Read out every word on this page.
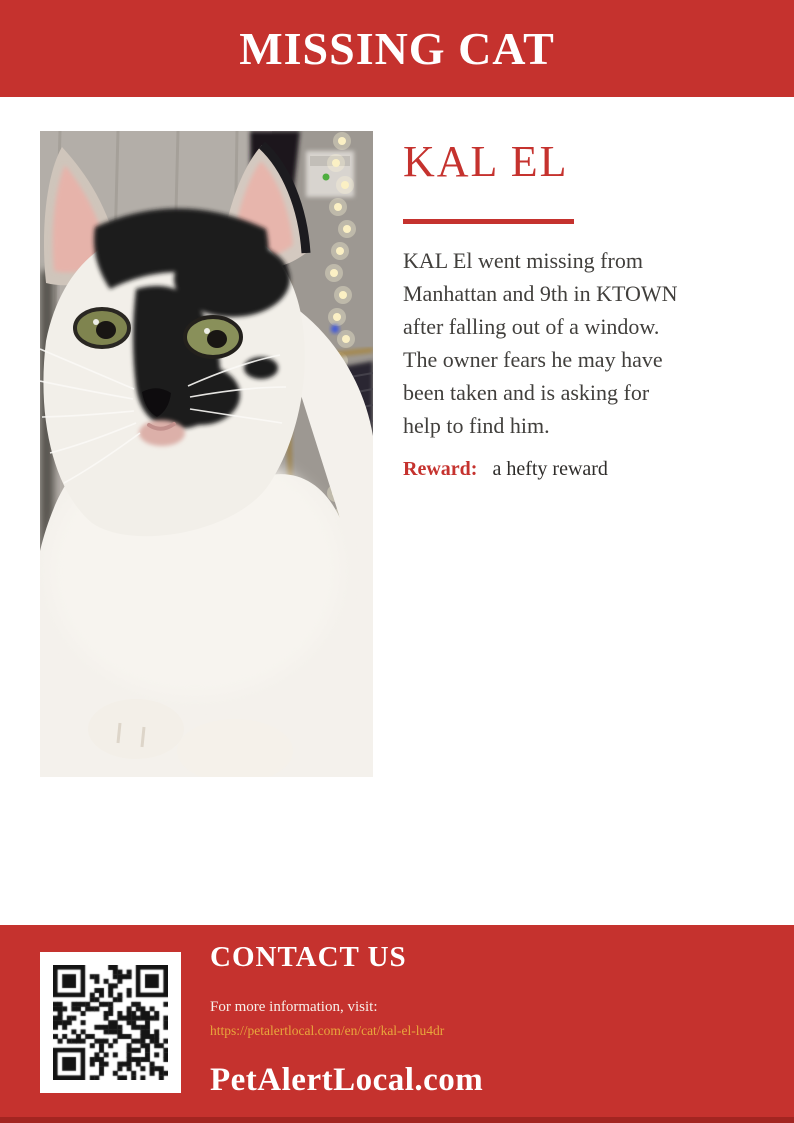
MISSING CAT
KAL EL
KAL El went missing from
Manhattan and 9th in KTOWN
after falling out of a window.
The owner fears he may have
been taken and is asking for
help to find him.
Reward: a hefty reward
CONTACT US

For more information, visit:

https://petalertlocal.com/en/cat/kal-el-lu4dr
PetAlertLocal.com
